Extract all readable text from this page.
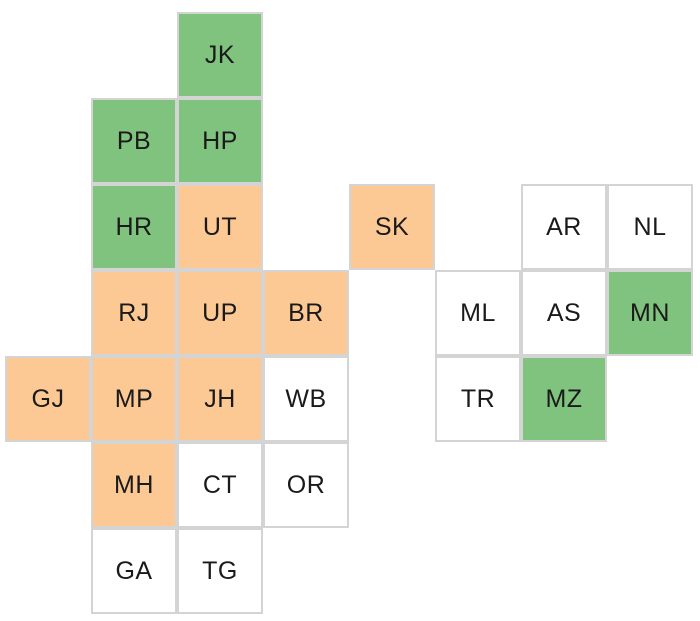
JK
PB HP
HR UT	SK	AR NL
RJ UP BR	ML AS MN
GJ MP JH WB	TR MZ
MH CT OR
GA TG
